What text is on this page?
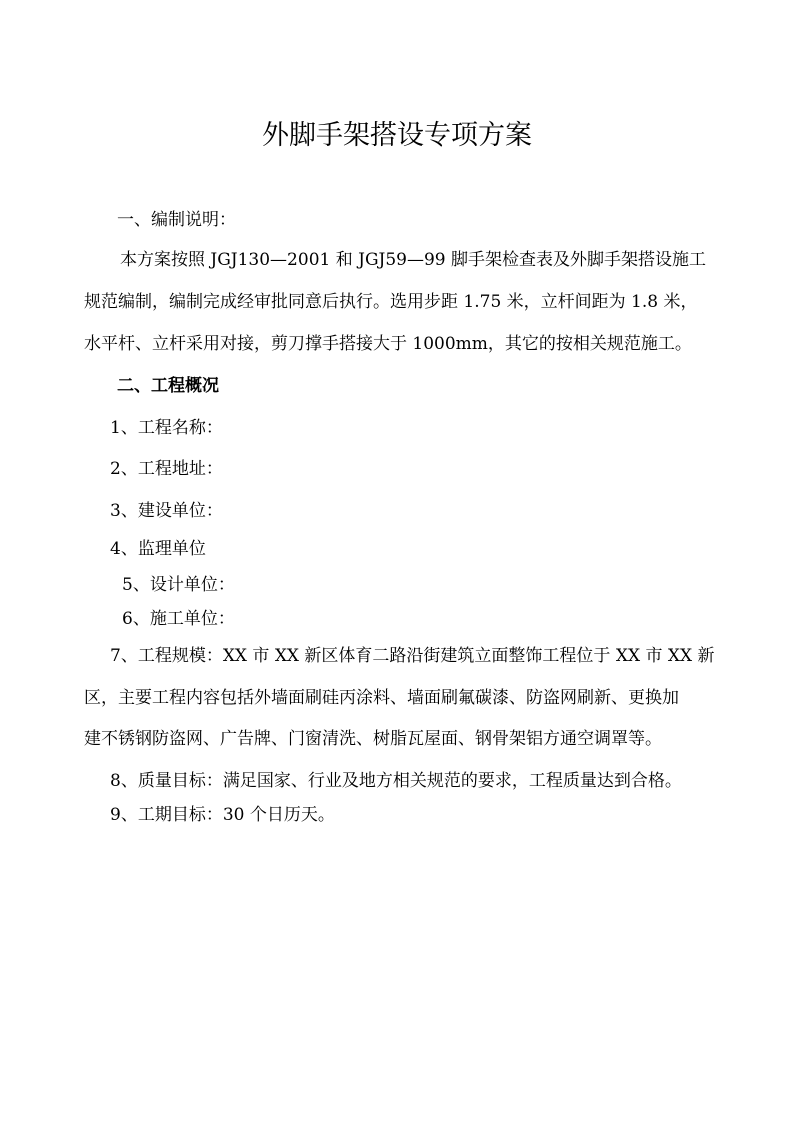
外脚手架搭设专项方案
一、编制说明：
本方案按照 JGJ130—2001 和 JGJ59—99 脚手架检查表及外脚手架搭设施工
规范编制，编制完成经审批同意后执行。选用步距 1.75 米，立杆间距为 1.8 米，
水平杆、立杆采用对接，剪刀撑手搭接大于 1000mm，其它的按相关规范施工。
二、工程概况
1、工程名称：
2、工程地址：
3、建设单位：
4、监理单位
5、设计单位：
6、施工单位：
7、工程规模：XX 市 XX 新区体育二路沿街建筑立面整饰工程位于 XX 市 XX 新
区，主要工程内容包括外墙面刷硅丙涂料、墙面刷氟碳漆、防盗网刷新、更换加
建不锈钢防盗网、广告牌、门窗清洗、树脂瓦屋面、钢骨架铝方通空调罩等。
8、质量目标：满足国家、行业及地方相关规范的要求，工程质量达到合格。
9、工期目标：30 个日历天。
